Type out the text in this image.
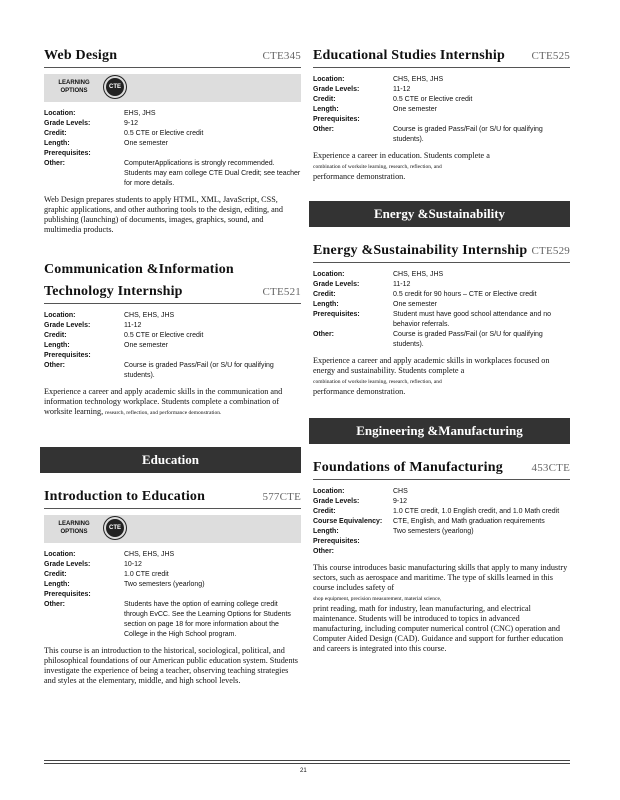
Web Design	CTE345
LEARNING OPTIONS
CTE
Location:	EHS, JHS
Grade Levels:	9-12
Credit:	0.5 CTE or Elective credit
Length:	One semester
Prerequisites:
Other:	ComputerApplications is strongly recommended. Students may earn college CTE Dual Credit; see teacher for more details.
Web Design prepares students to apply HTML, XML, JavaScript, CSS, graphic applications, and other authoring tools to the design, editing, and publishing (launching) of documents, images, graphics, sound, and multimedia products.
Communication &Information
Technology Internship	CTE521
Location:	CHS, EHS, JHS
Grade Levels:	11-12
Credit:	0.5 CTE or Elective credit
Length:	One semester
Prerequisites:
Other:	Course is graded Pass/Fail (or S/U for qualifying students).
Experience a career and apply academic skills in the communication and information technology workplace. Students complete a combination of worksite learning, research, reflection, and performance demonstration.
Education
Introduction to Education	577CTE
LEARNING OPTIONS
CTE
Location:	CHS, EHS, JHS
Grade Levels:	10-12
Credit:	1.0 CTE credit
Length:	Two semesters (yearlong)
Prerequisites:
Other:	Students have the option of earning college credit through EvCC. See the Learning Options for Students section on page 18 for more information about the College in the High School program.
This course is an introduction to the historical, sociological, political, and philosophical foundations of our American public education system. Students investigate the experience of being a teacher, observing teaching strategies and styles at the elementary, middle, and high school levels.
Educational Studies Internship CTE525
Location:	CHS, EHS, JHS
Grade Levels:	11-12
Credit:	0.5 CTE or Elective credit
Length:	One semester
Prerequisites:
Other:	Course is graded Pass/Fail (or S/U for qualifying students).
Experience a career in education. Students complete a
combination of worksite learning, research, reflection, and
performance demonstration.
Energy &Sustainability
Energy &Sustainability Internship CTE529
Location:	CHS, EHS, JHS
Grade Levels:	11-12
Credit:	0.5 credit for 90 hours – CTE or Elective credit
Length:	One semester
Prerequisites:	Student must have good school attendance and no behavior referrals.
Other:	Course is graded Pass/Fail (or S/U for qualifying students).
Experience a career and apply academic skills in workplaces focused on energy and sustainability. Students complete a
combination of worksite learning, research, reflection, and
performance demonstration.
Engineering &Manufacturing
Foundations of Manufacturing	453CTE
Location:	CHS
Grade Levels:	9-12
Credit:	1.0 CTE credit, 1.0 English credit, and 1.0 Math credit
Course Equivalency:	CTE, English, and Math graduation requirements
Length:	Two semesters (yearlong)
Prerequisites:
Other:
This course introduces basic manufacturing skills that apply to many industry sectors, such as aerospace and maritime. The type of skills learned in this course includes safety of
shop equipment, precision measurement, material science,
print reading, math for industry, lean manufacturing, and electrical maintenance. Students will be introduced to topics in advanced manufacturing, including computer numerical control (CNC) operation and Computer Aided Design (CAD). Guidance and support for further education and careers is integrated into this course.
21
